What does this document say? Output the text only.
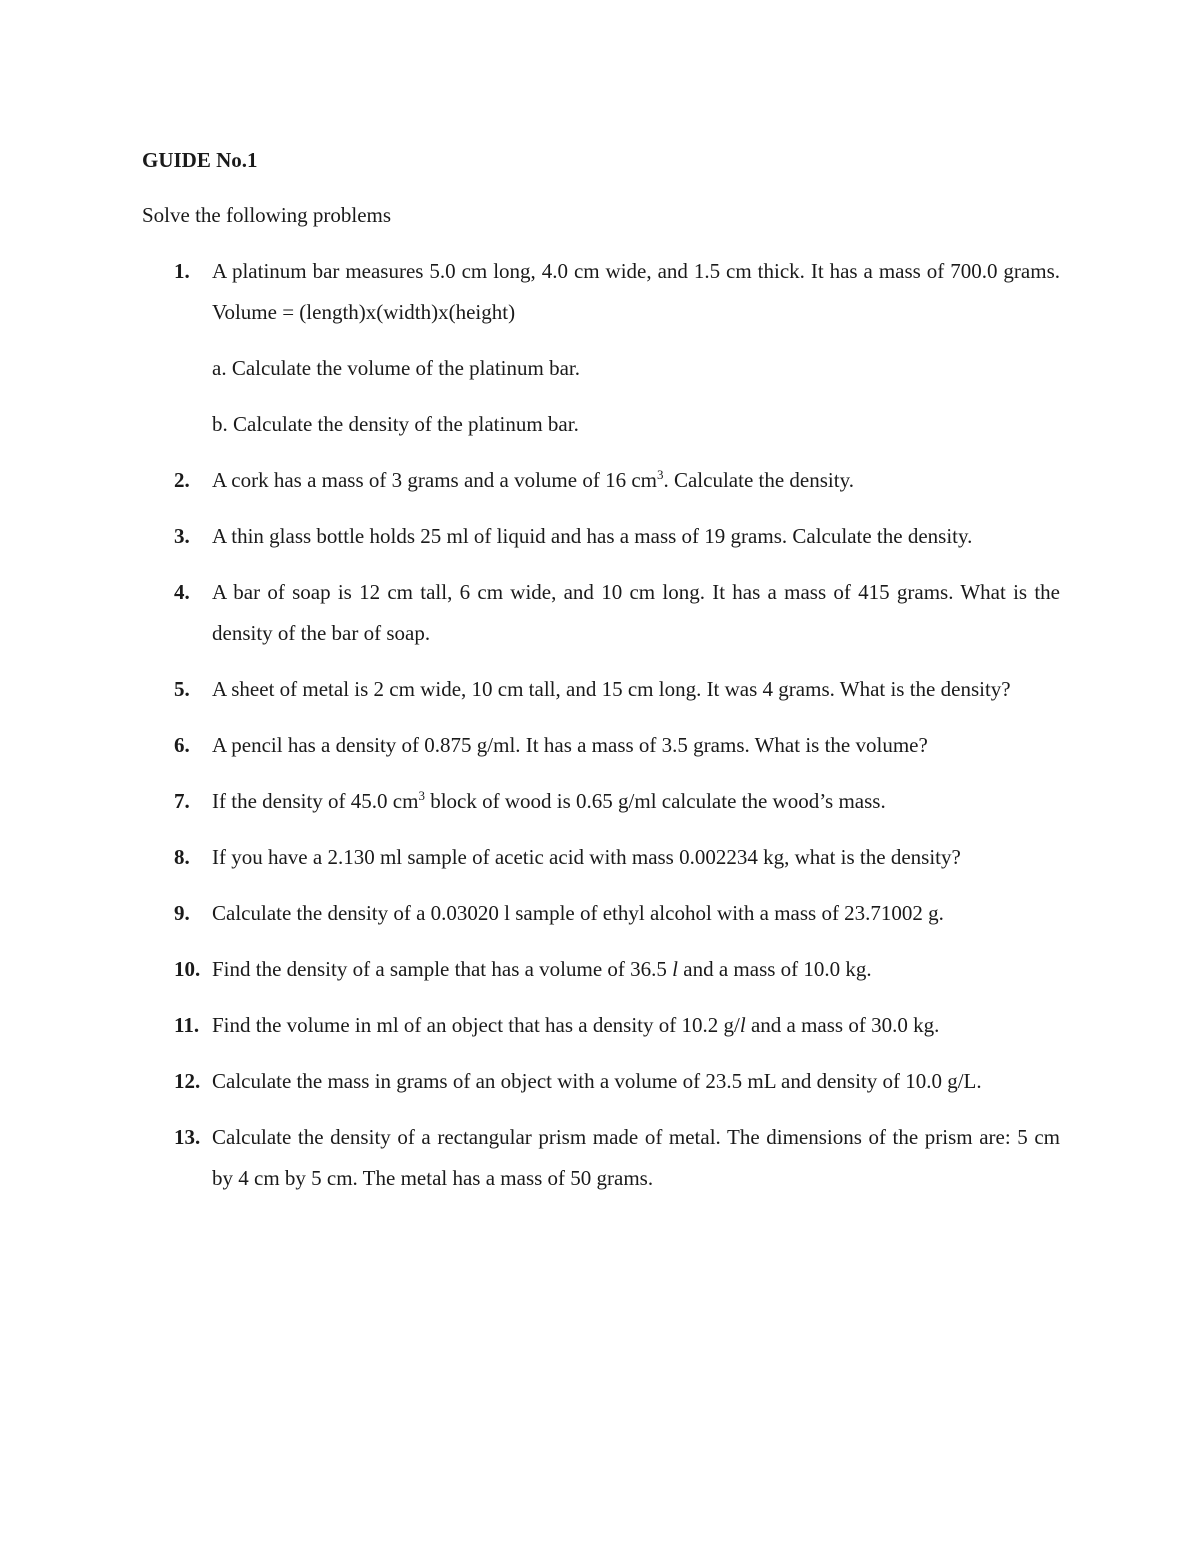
GUIDE No.1
Solve the following problems
1. A platinum bar measures 5.0 cm long, 4.0 cm wide, and 1.5 cm thick. It has a mass of 700.0 grams. Volume = (length)x(width)x(height)
a. Calculate the volume of the platinum bar.
b. Calculate the density of the platinum bar.
2. A cork has a mass of 3 grams and a volume of 16 $cm^3$. Calculate the density.
3. A thin glass bottle holds 25 ml of liquid and has a mass of 19 grams. Calculate the density.
4. A bar of soap is 12 cm tall, 6 cm wide, and 10 cm long. It has a mass of 415 grams. What is the density of the bar of soap.
5. A sheet of metal is 2 cm wide, 10 cm tall, and 15 cm long. It was 4 grams. What is the density?
6. A pencil has a density of 0.875 g/ml. It has a mass of 3.5 grams. What is the volume?
7. If the density of 45.0 $cm^3$ block of wood is 0.65 g/ml calculate the wood’s mass.
8. If you have a 2.130 ml sample of acetic acid with mass 0.002234 kg, what is the density?
9. Calculate the density of a 0.03020 l sample of ethyl alcohol with a mass of 23.71002 g.
10. Find the density of a sample that has a volume of 36.5 l and a mass of 10.0 kg.
11. Find the volume in ml of an object that has a density of 10.2 g/l and a mass of 30.0 kg.
12. Calculate the mass in grams of an object with a volume of 23.5 mL and density of 10.0 g/L.
13. Calculate the density of a rectangular prism made of metal. The dimensions of the prism are: 5 cm by 4 cm by 5 cm. The metal has a mass of 50 grams.
